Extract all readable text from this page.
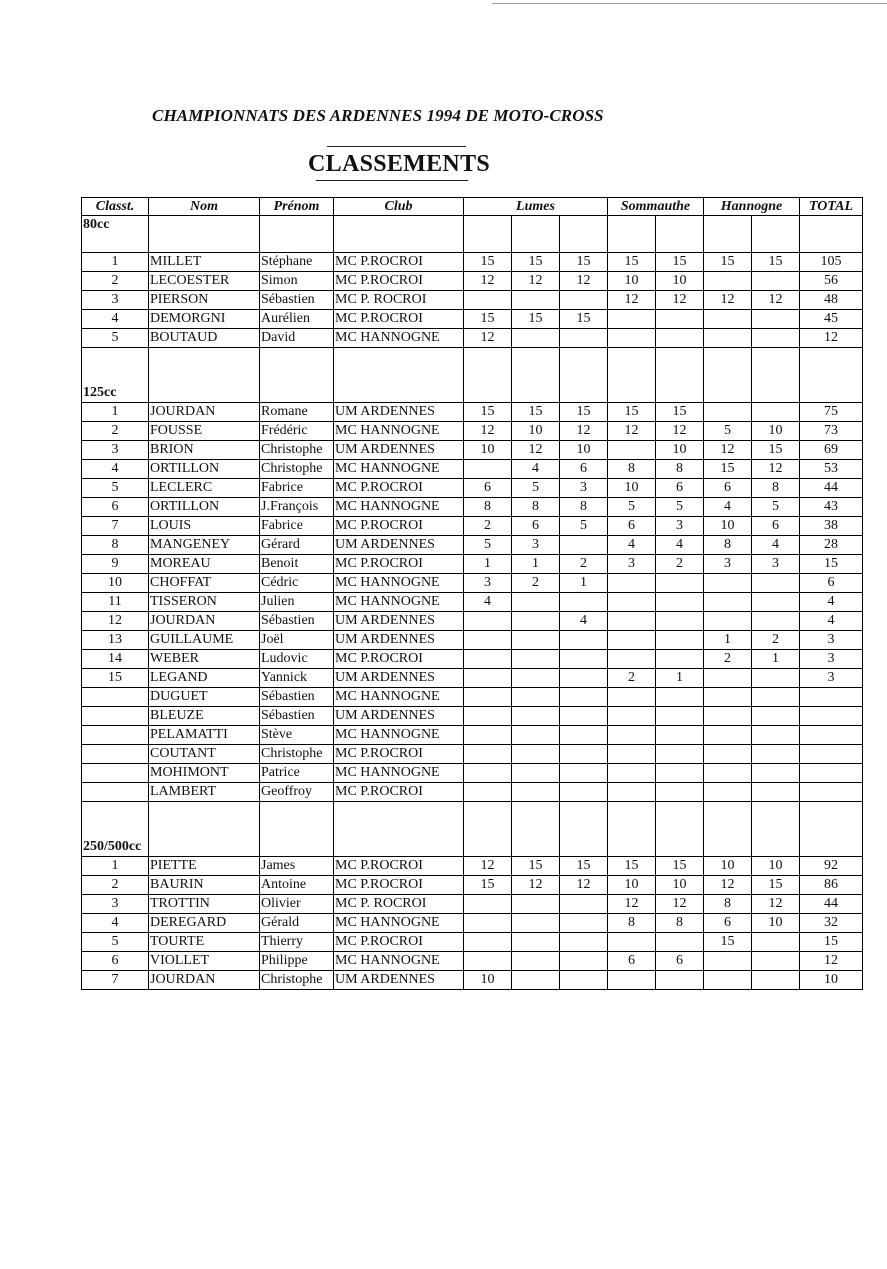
CHAMPIONNATS DES ARDENNES 1994 DE MOTO-CROSS
CLASSEMENTS
Classt.	Nom	Prénom	Club	Lumes			Sommauthe		Hannogne		TOTAL
80cc											

1	MILLET	Stéphane	MC P.ROCROI	15	15	15	15	15	15	15	105
2	LECOESTER	Simon	MC P.ROCROI	12	12	12	10	10			56
3	PIERSON	Sébastien	MC P. ROCROI				12	12	12	12	48
4	DEMORGNI	Aurélien	MC P.ROCROI	15	15	15					45
5	BOUTAUD	David	MC HANNOGNE	12							12

125cc											
1	JOURDAN	Romane	UM ARDENNES	15	15	15	15	15			75
2	FOUSSE	Frédéric	MC HANNOGNE	12	10	12	12	12	5	10	73
3	BRION	Christophe	UM ARDENNES	10	12	10		10	12	15	69
4	ORTILLON	Christophe	MC HANNOGNE		4	6	8	8	15	12	53
5	LECLERC	Fabrice	MC P.ROCROI	6	5	3	10	6	6	8	44
6	ORTILLON	J.François	MC HANNOGNE	8	8	8	5	5	4	5	43
7	LOUIS	Fabrice	MC P.ROCROI	2	6	5	6	3	10	6	38
8	MANGENEY	Gérard	UM ARDENNES	5	3		4	4	8	4	28
9	MOREAU	Benoit	MC P.ROCROI	1	1	2	3	2	3	3	15
10	CHOFFAT	Cédric	MC HANNOGNE	3	2	1					6
11	TISSERON	Julien	MC HANNOGNE	4							4
12	JOURDAN	Sébastien	UM ARDENNES			4					4
13	GUILLAUME	Joël	UM ARDENNES						1	2	3
14	WEBER	Ludovic	MC P.ROCROI						2	1	3
15	LEGAND	Yannick	UM ARDENNES				2	1			3
	DUGUET	Sébastien	MC HANNOGNE								
	BLEUZE	Sébastien	UM ARDENNES								
	PELAMATTI	Stève	MC HANNOGNE								
	COUTANT	Christophe	MC P.ROCROI								
	MOHIMONT	Patrice	MC HANNOGNE								
	LAMBERT	Geoffroy	MC P.ROCROI								

250/500cc											
1	PIETTE	James	MC P.ROCROI	12	15	15	15	15	10	10	92
2	BAURIN	Antoine	MC P.ROCROI	15	12	12	10	10	12	15	86
3	TROTTIN	Olivier	MC P. ROCROI				12	12	8	12	44
4	DEREGARD	Gérald	MC HANNOGNE				8	8	6	10	32
5	TOURTE	Thierry	MC P.ROCROI						15		15
6	VIOLLET	Philippe	MC HANNOGNE				6	6			12
7	JOURDAN	Christophe	UM ARDENNES	10							10
